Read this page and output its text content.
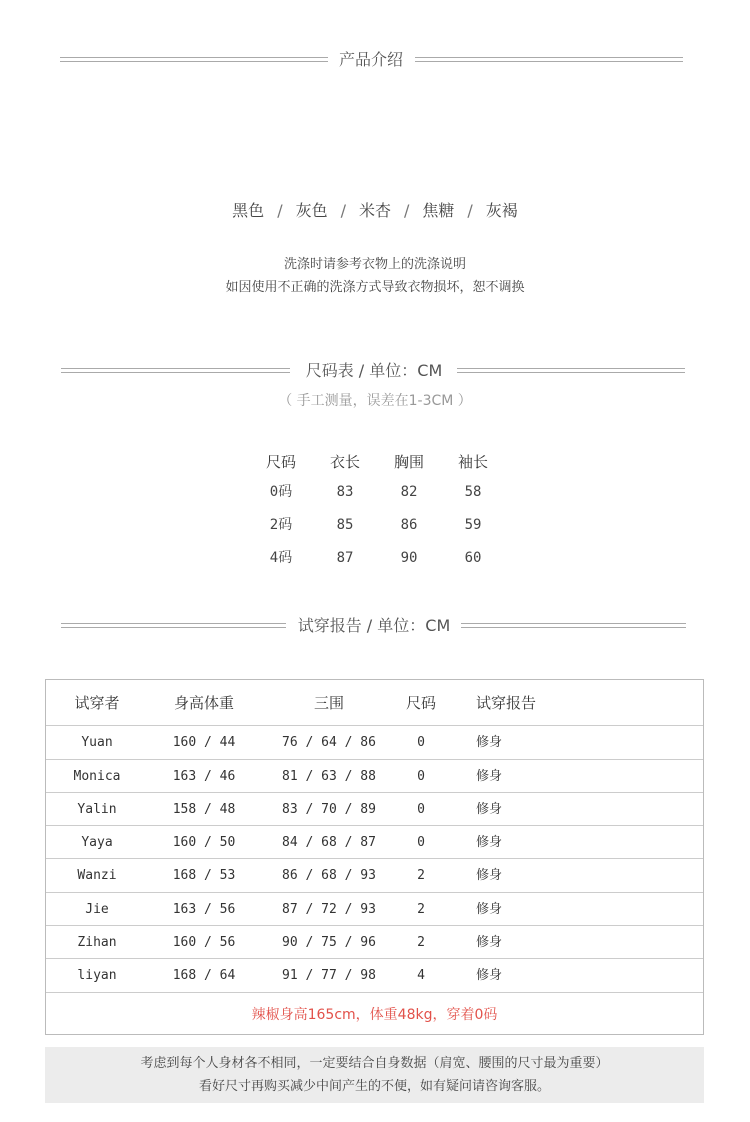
产品介绍
黑色 / 灰色 / 米杏 / 焦糖 / 灰褐
洗涤时请参考衣物上的洗涤说明
如因使用不正确的洗涤方式导致衣物损坏，恕不调换
尺码表 / 单位：CM
（ 手工测量，误差在1-3CM ）
尺码	衣长	胸围	袖长
0码	83	82	58
2码	85	86	59
4码	87	90	60
试穿报告 / 单位：CM
试穿者	身高体重	三围	尺码	试穿报告
Yuan	160 / 44	76 / 64 / 86	0	修身
Monica	163 / 46	81 / 63 / 88	0	修身
Yalin	158 / 48	83 / 70 / 89	0	修身
Yaya	160 / 50	84 / 68 / 87	0	修身
Wanzi	168 / 53	86 / 68 / 93	2	修身
Jie	163 / 56	87 / 72 / 93	2	修身
Zihan	160 / 56	90 / 75 / 96	2	修身
liyan	168 / 64	91 / 77 / 98	4	修身
辣椒身高165cm，体重48kg，穿着0码
考虑到每个人身材各不相同，一定要结合自身数据（肩宽、腰围的尺寸最为重要）
看好尺寸再购买减少中间产生的不便，如有疑问请咨询客服。
